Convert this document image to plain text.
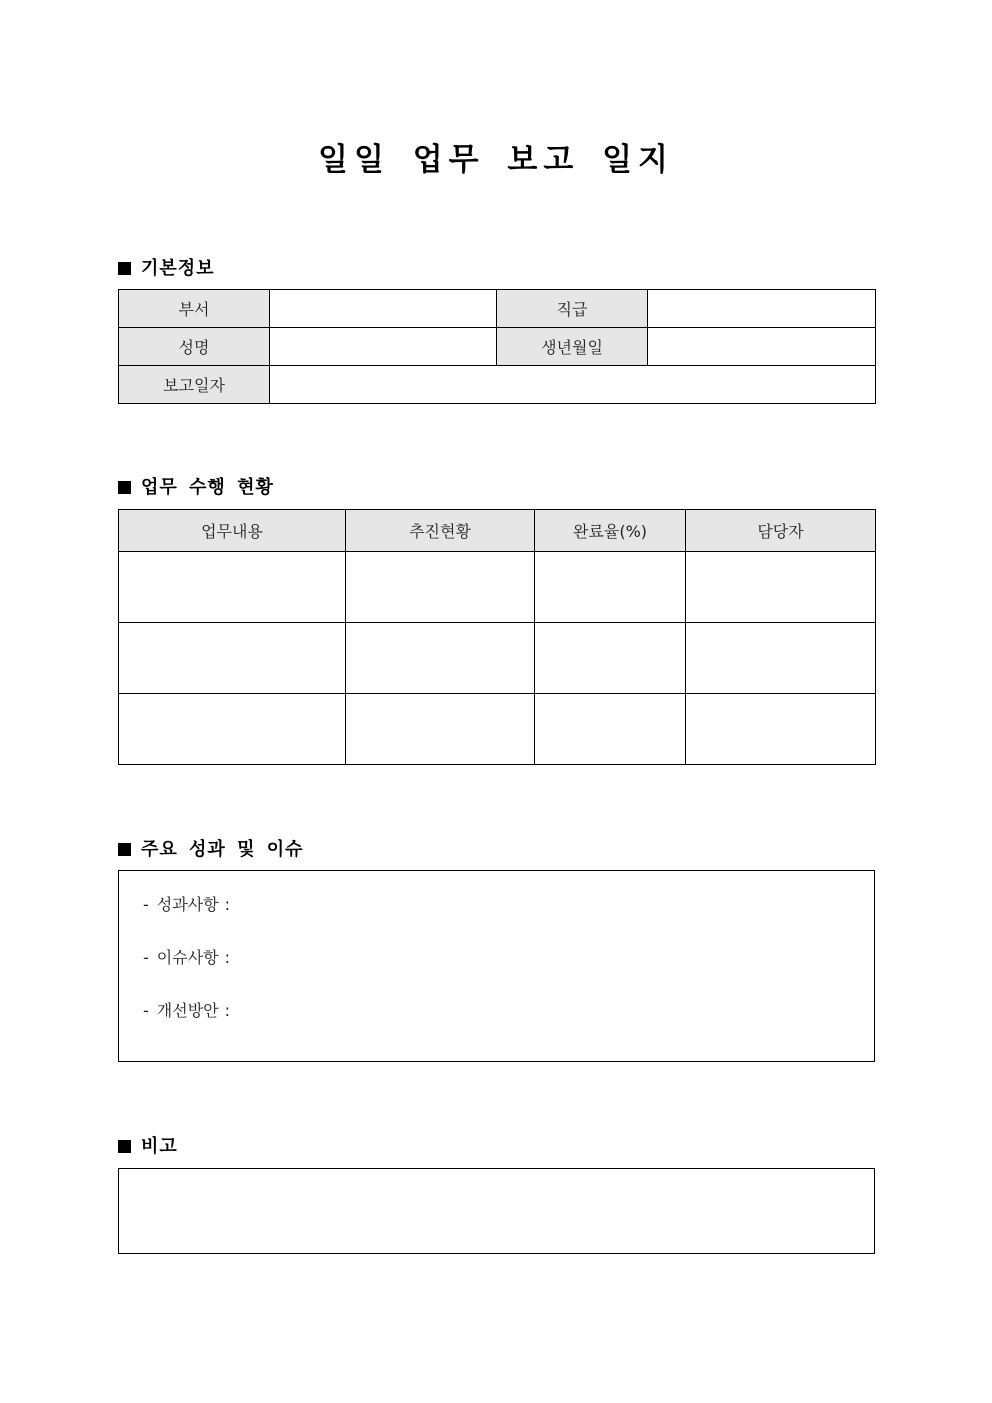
일일 업무 보고 일지
기본정보
부서		직급	
성명		생년월일	
보고일자			
업무 수행 현황
업무내용	추진현황	완료율(%)	담당자

주요 성과 및 이슈
- 성과사항 :
- 이슈사항 :
- 개선방안 :
비고
